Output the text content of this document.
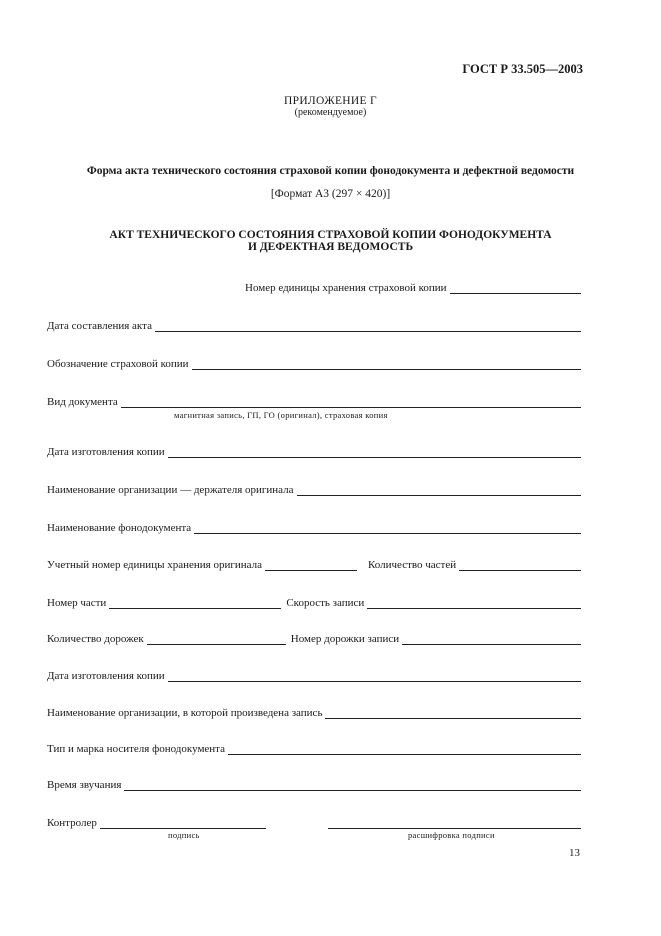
ГОСТ Р 33.505—2003
ПРИЛОЖЕНИЕ Г
(рекомендуемое)
Форма акта технического состояния страховой копии фонодокумента и дефектной ведомости
[Формат А3 (297 × 420)]
АКТ ТЕХНИЧЕСКОГО СОСТОЯНИЯ СТРАХОВОЙ КОПИИ ФОНОДОКУМЕНТА
И ДЕФЕКТНАЯ ВЕДОМОСТЬ
Номер единицы хранения страховой копии
Дата составления акта
Обозначение страховой копии
Вид документа
магнитная запись, ГП, ГО (оригинал), страховая копия
Дата изготовления копии
Наименование организации — держателя оригинала
Наименование фонодокумента
Учетный номер единицы хранения оригинала	Количество частей
Номер части	Скорость записи
Количество дорожек	Номер дорожки записи
Дата изготовления копии
Наименование организации, в которой произведена запись
Тип и марка носителя фонодокумента
Время звучания
Контролер
подпись	расшифровка подписи
13
